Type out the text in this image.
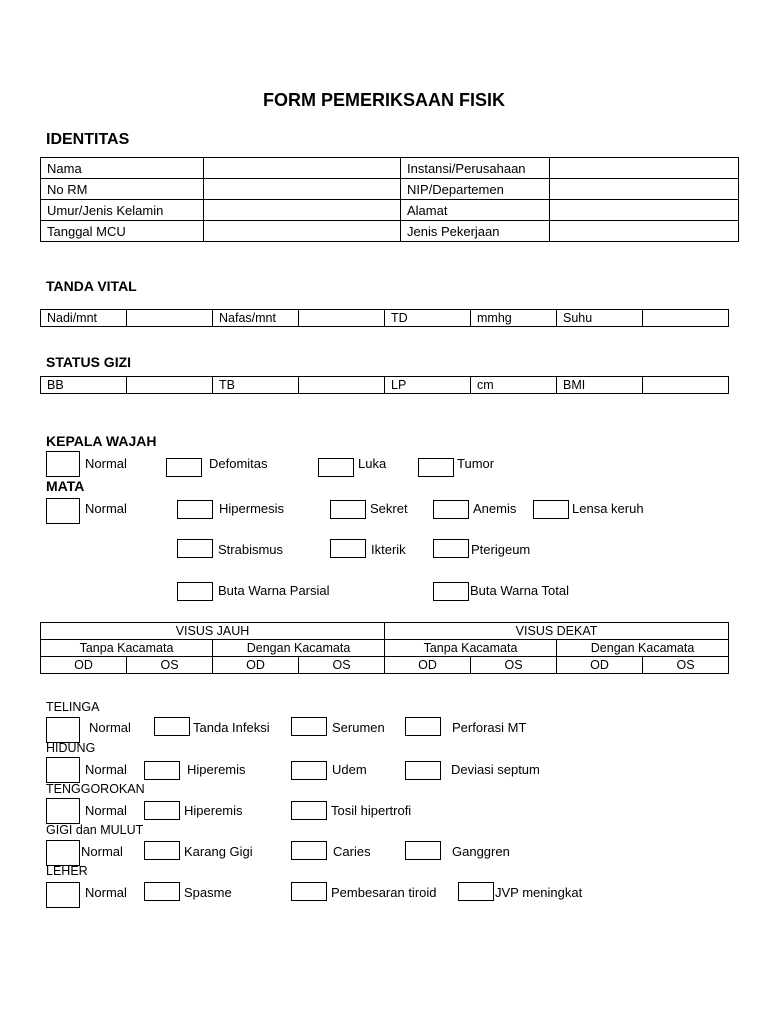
FORM PEMERIKSAAN FISIK
IDENTITAS
Nama		Instansi/Perusahaan	
No RM		NIP/Departemen	
Umur/Jenis Kelamin		Alamat	
Tanggal MCU		Jenis Pekerjaan	
TANDA VITAL
Nadi/mnt		Nafas/mnt		TD	mmhg	Suhu	
STATUS GIZI
BB		TB		LP	cm	BMI	
KEPALA WAJAH
Normal	Defomitas	Luka	Tumor
MATA
Normal	Hipermesis	Sekret	Anemis	Lensa keruh
Strabismus	Ikterik	Pterigeum
Buta Warna Parsial	Buta Warna Total
VISUS JAUH				VISUS DEKAT			
Tanpa Kacamata		Dengan Kacamata		Tanpa Kacamata		Dengan Kacamata	
OD	OS	OD	OS	OD	OS	OD	OS
TELINGA
Normal	Tanda Infeksi	Serumen	Perforasi MT
HIDUNG
Normal	Hiperemis	Udem	Deviasi septum
TENGGOROKAN
Normal	Hiperemis	Tosil hipertrofi
GIGI dan MULUT
Normal	Karang Gigi	Caries	Ganggren
LEHER
Normal	Spasme	Pembesaran tiroid	JVP meningkat
